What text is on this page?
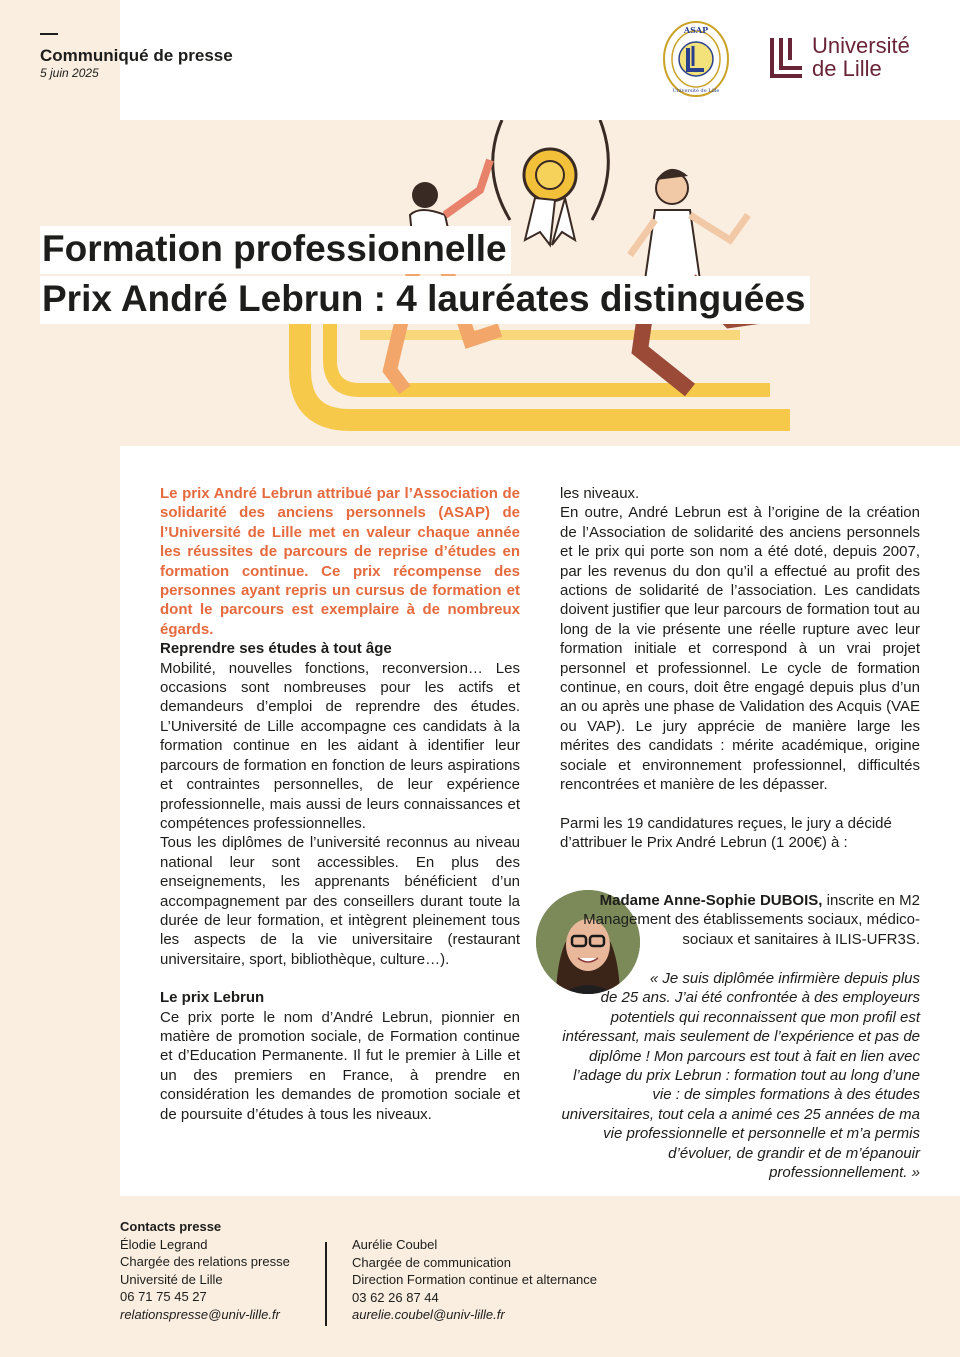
Communiqué de presse
5 juin 2025
ASAP
Université de Lille
Université
de Lille
Formation professionnelle
Prix André Lebrun : 4 lauréates distinguées

Le prix André Lebrun attribué par l’Association de solidarité des anciens personnels (ASAP) de l’Université de Lille met en valeur chaque année les réussites de parcours de reprise d’études en formation continue. Ce prix récompense des personnes ayant repris un cursus de formation et dont le parcours est exemplaire à de nombreux égards.

Reprendre ses études à tout âge

Mobilité, nouvelles fonctions, reconversion… Les occasions sont nombreuses pour les actifs et demandeurs d’emploi de reprendre des études. L’Université de Lille accompagne ces candidats à la formation continue en les aidant à identifier leur parcours de formation en fonction de leurs aspirations et contraintes personnelles, de leur expérience professionnelle, mais aussi de leurs connaissances et compétences professionnelles.

Tous les diplômes de l’université reconnus au niveau national leur sont accessibles. En plus des enseignements, les apprenants bénéficient d’un accompagnement par des conseillers durant toute la durée de leur formation, et intègrent pleinement tous les aspects de la vie universitaire (restaurant universitaire, sport, bibliothèque, culture…).

Le prix Lebrun

Ce prix porte le nom d’André Lebrun, pionnier en matière de promotion sociale, de Formation continue et d’Education Permanente. Il fut le premier à Lille et un des premiers en France, à prendre en considération les demandes de promotion sociale et de poursuite d’études à tous les niveaux.

les niveaux.

En outre, André Lebrun est à l’origine de la création de l’Association de solidarité des anciens personnels et le prix qui porte son nom a été doté, depuis 2007, par les revenus du don qu’il a effectué au profit des actions de solidarité de l’association. Les candidats doivent justifier que leur parcours de formation tout au long de la vie présente une réelle rupture avec leur formation initiale et correspond à un vrai projet personnel et professionnel. Le cycle de formation continue, en cours, doit être engagé depuis plus d’un an ou après une phase de Validation des Acquis (VAE ou VAP). Le jury apprécie de manière large les mérites des candidats : mérite académique, origine sociale et environnement professionnel, difficultés rencontrées et manière de les dépasser.

Parmi les 19 candidatures reçues, le jury a décidé d’attribuer le Prix André Lebrun (1 200€) à :

Madame Anne-Sophie DUBOIS, inscrite en M2 Management des établissements sociaux, médico-sociaux et sanitaires à ILIS-UFR3S.
« Je suis diplômée infirmière depuis plus de 25 ans. J’ai été confrontée à des employeurs potentiels qui reconnaissent que mon profil est intéressant, mais seulement de l’expérience et pas de diplôme ! Mon parcours est tout à fait en lien avec l’adage du prix Lebrun : formation tout au long d’une vie : de simples formations à des études universitaires, tout cela a animé ces 25 années de ma vie professionnelle et personnelle et m’a permis d’évoluer, de grandir et de m’épanouir professionnellement. »
Contacts presse
Élodie Legrand
Chargée des relations presse
Université de Lille
06 71 75 45 27
relationspresse@univ-lille.fr
Aurélie Coubel
Chargée de communication
Direction Formation continue et alternance
03 62 26 87 44
aurelie.coubel@univ-lille.fr
